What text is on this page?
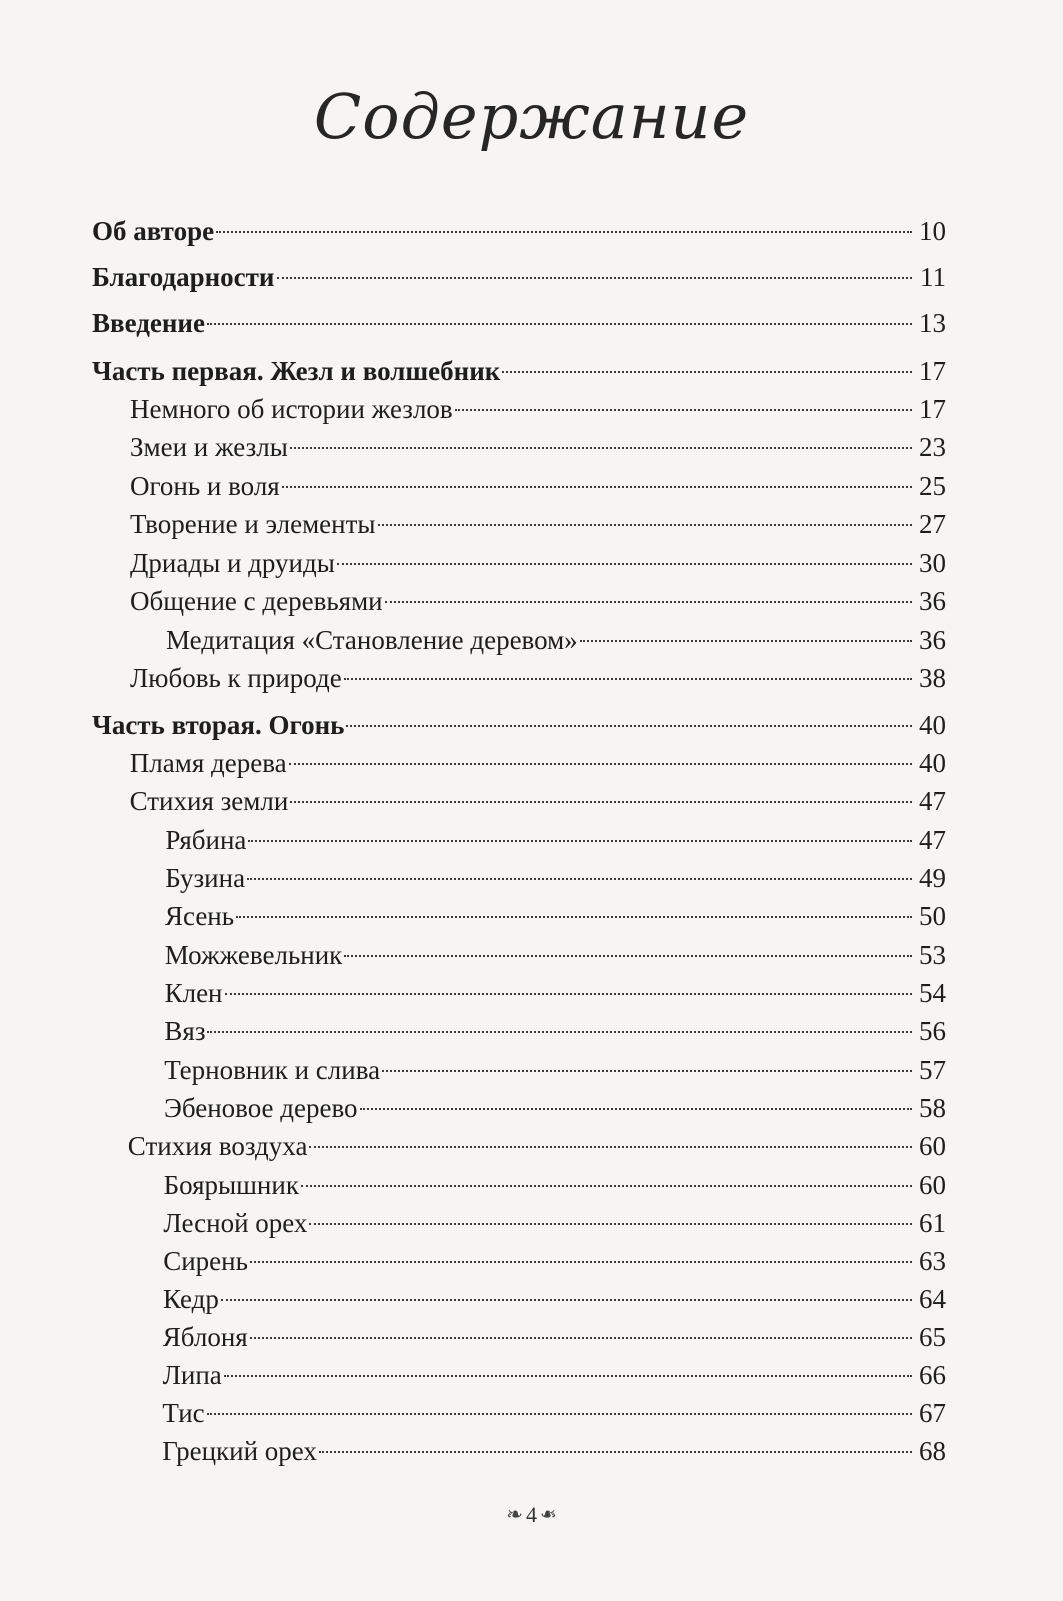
Содержание
Об авторе	10
Благодарности	11
Введение	13
Часть первая. Жезл и волшебник	17
Немного об истории жезлов	17
Змеи и жезлы	23
Огонь и воля	25
Творение и элементы	27
Дриады и друиды	30
Общение с деревьями	36
Медитация «Становление деревом»	36
Любовь к природе	38
Часть вторая. Огонь	40
Пламя дерева	40
Стихия земли	47
Рябина	47
Бузина	49
Ясень	50
Можжевельник	53
Клен	54
Вяз	56
Терновник и слива	57
Эбеновое дерево	58
Стихия воздуха	60
Боярышник	60
Лесной орех	61
Сирень	63
Кедр	64
Яблоня	65
Липа	66
Тис	67
Грецкий орех	68
❧ 4 ❧
